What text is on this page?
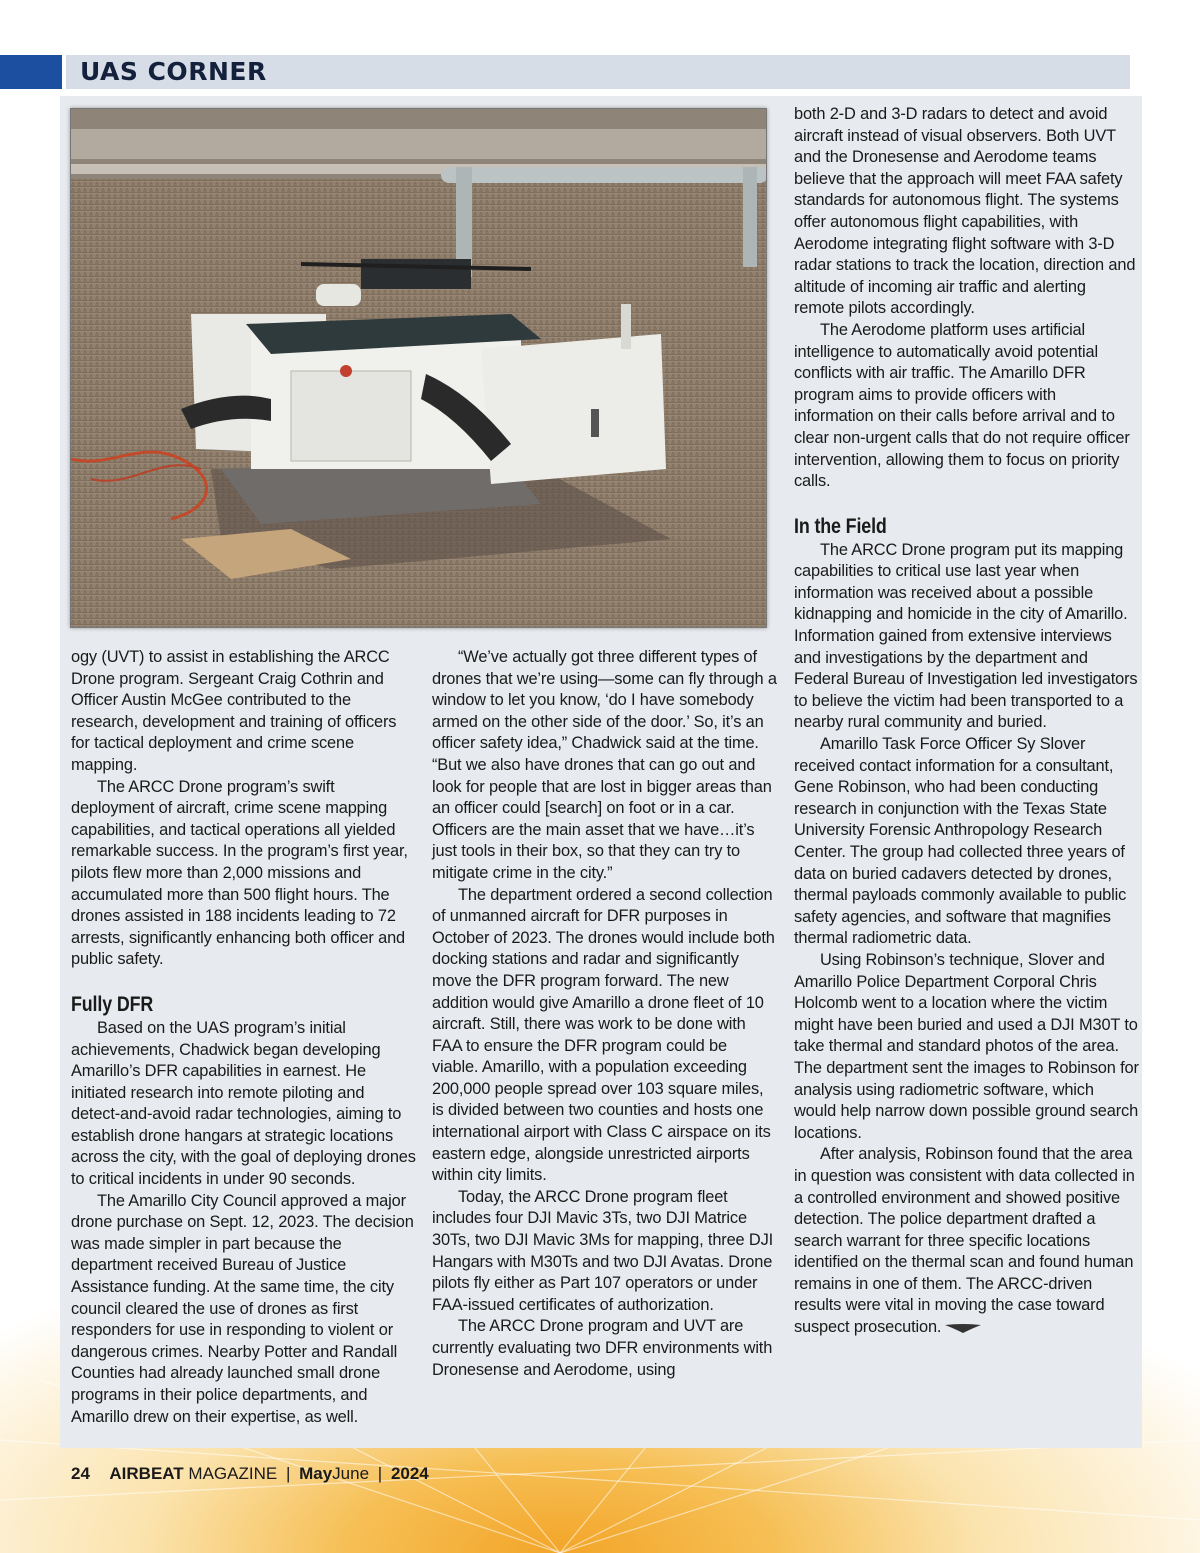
UAS CORNER

ogy (UVT) to assist in establishing the ARCC Drone program. Sergeant Craig Cothrin and Officer Austin McGee contributed to the research, development and training of officers for tactical deployment and crime scene mapping.

The ARCC Drone program’s swift deployment of aircraft, crime scene mapping capabilities, and tactical operations all yielded remarkable success. In the program’s first year, pilots flew more than 2,000 missions and accumulated more than 500 flight hours. The drones assisted in 188 incidents leading to 72 arrests, significantly enhancing both officer and public safety.

Fully DFR

Based on the UAS program’s initial achievements, Chadwick began developing Amarillo’s DFR capabilities in earnest. He initiated research into remote piloting and detect-and-avoid radar technologies, aiming to establish drone hangars at strategic locations across the city, with the goal of deploying drones to critical incidents in under 90 seconds.

The Amarillo City Council approved a major drone purchase on Sept. 12, 2023. The decision was made simpler in part because the department received Bureau of Justice Assistance funding. At the same time, the city council cleared the use of drones as first responders for use in responding to violent or dangerous crimes. Nearby Potter and Randall Counties had already launched small drone programs in their police departments, and Amarillo drew on their expertise, as well.

“We’ve actually got three different types of drones that we’re using—some can fly through a window to let you know, ‘do I have somebody armed on the other side of the door.’ So, it’s an officer safety idea,” Chadwick said at the time. “But we also have drones that can go out and look for people that are lost in bigger areas than an officer could [search] on foot or in a car. Officers are the main asset that we have…it’s just tools in their box, so that they can try to mitigate crime in the city.”

The department ordered a second collection of unmanned aircraft for DFR purposes in October of 2023. The drones would include both docking stations and radar and significantly move the DFR program forward. The new addition would give Amarillo a drone fleet of 10 aircraft. Still, there was work to be done with FAA to ensure the DFR program could be viable. Amarillo, with a population exceeding 200,000 people spread over 103 square miles, is divided between two counties and hosts one international airport with Class C airspace on its eastern edge, alongside unrestricted airports within city limits.

Today, the ARCC Drone program fleet includes four DJI Mavic 3Ts, two DJI Matrice 30Ts, two DJI Mavic 3Ms for mapping, three DJI Hangars with M30Ts and two DJI Avatas. Drone pilots fly either as Part 107 operators or under FAA-issued certificates of authorization.

The ARCC Drone program and UVT are currently evaluating two DFR environments with Dronesense and Aerodome, using

both 2-D and 3-D radars to detect and avoid aircraft instead of visual observers. Both UVT and the Dronesense and Aerodome teams believe that the approach will meet FAA safety standards for autonomous flight. The systems offer autonomous flight capabilities, with Aerodome integrating flight software with 3-D radar stations to track the location, direction and altitude of incoming air traffic and alerting remote pilots accordingly.

The Aerodome platform uses artificial intelligence to automatically avoid potential conflicts with air traffic. The Amarillo DFR program aims to provide officers with information on their calls before arrival and to clear non-urgent calls that do not require officer intervention, allowing them to focus on priority calls.

In the Field

The ARCC Drone program put its mapping capabilities to critical use last year when information was received about a possible kidnapping and homicide in the city of Amarillo. Information gained from extensive interviews and investigations by the department and Federal Bureau of Investigation led investigators to believe the victim had been transported to a nearby rural community and buried.

Amarillo Task Force Officer Sy Slover received contact information for a consultant, Gene Robinson, who had been conducting research in conjunction with the Texas State University Forensic Anthropology Research Center. The group had collected three years of data on buried cadavers detected by drones, thermal payloads commonly available to public safety agencies, and software that magnifies thermal radiometric data.

Using Robinson’s technique, Slover and Amarillo Police Department Corporal Chris Holcomb went to a location where the victim might have been buried and used a DJI M30T to take thermal and standard photos of the area. The department sent the images to Robinson for analysis using radiometric software, which would help narrow down possible ground search locations.

After analysis, Robinson found that the area in question was consistent with data collected in a controlled environment and showed positive detection. The police department drafted a search warrant for three specific locations identified on the thermal scan and found human remains in one of them. The ARCC-driven results were vital in moving the case toward suspect prosecution.

24 AIRBEAT MAGAZINE | MayJune | 2024
